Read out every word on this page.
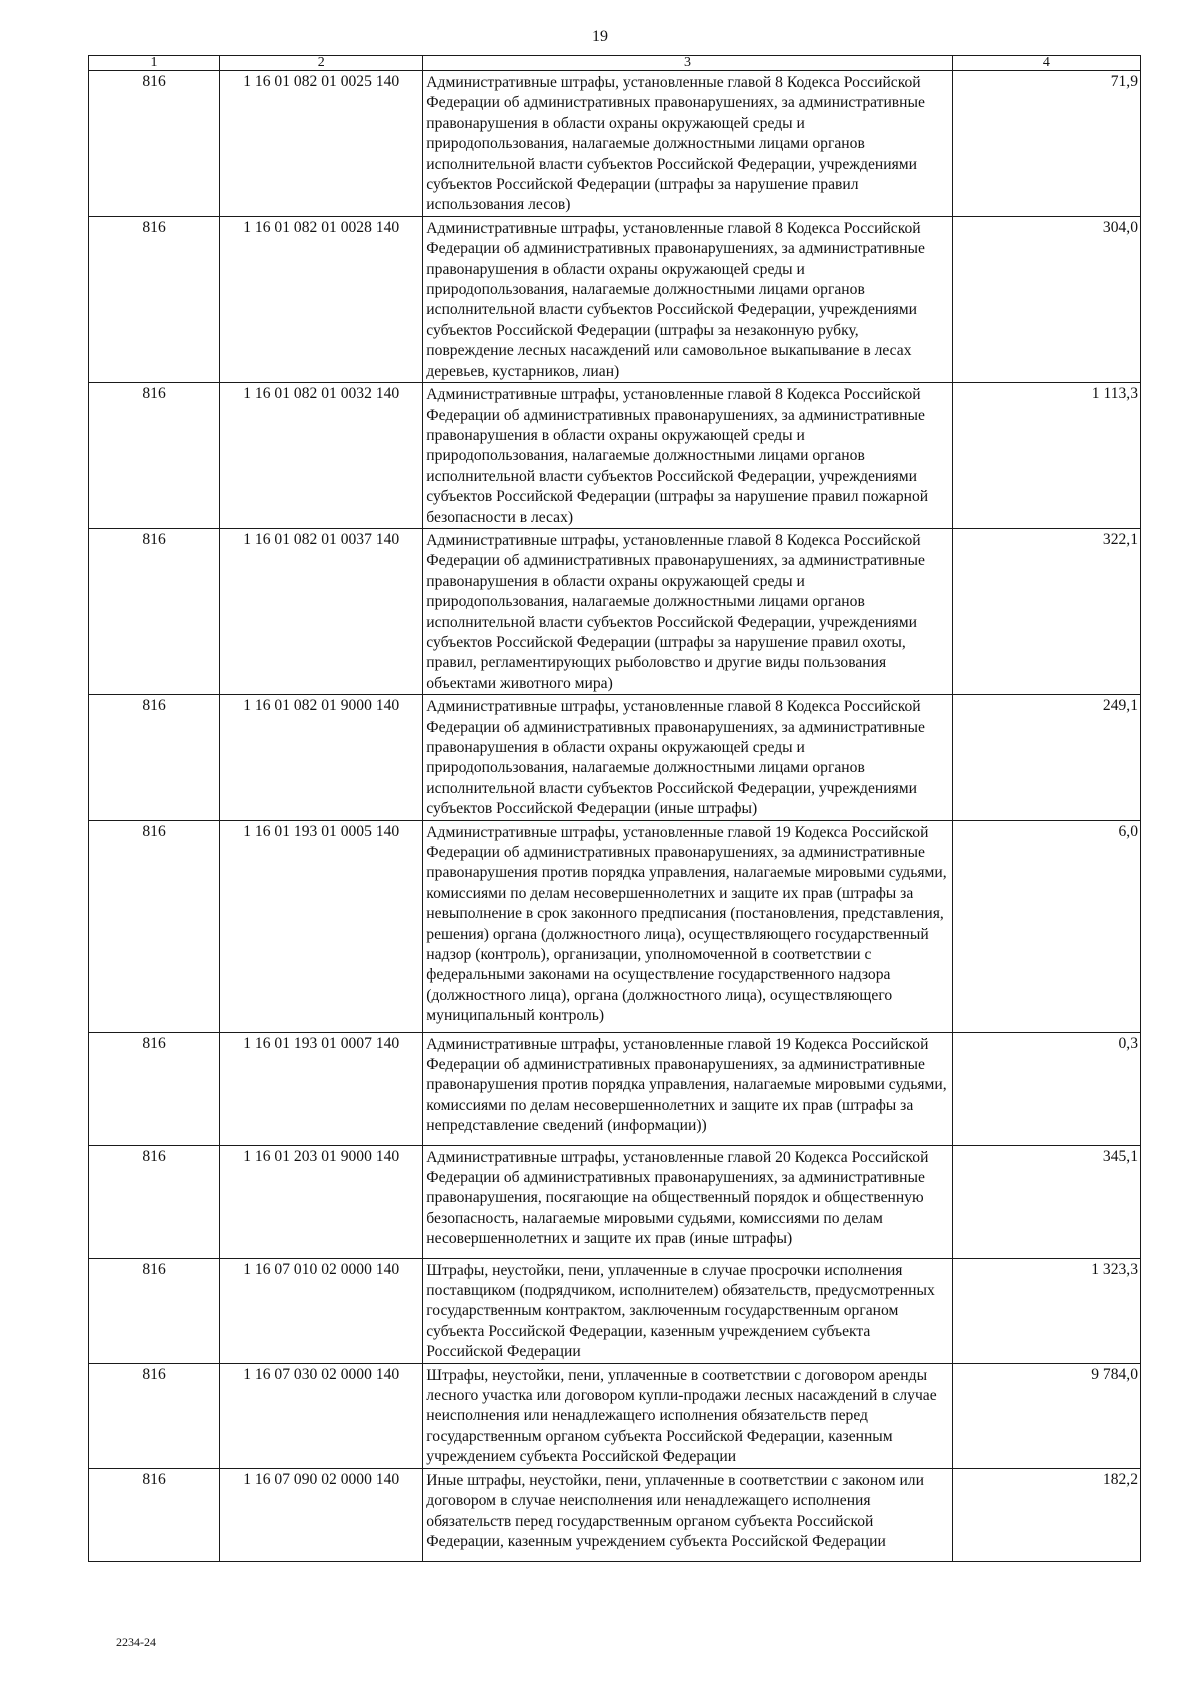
19
1	2	3	4
816	1 16 01 082 01 0025 140	Административные штрафы, установленные главой 8 Кодекса Российской Федерации об административных правонарушениях, за административные правонарушения в области охраны окружающей среды и природопользования, налагаемые должностными лицами органов исполнительной власти субъектов Российской Федерации, учреждениями субъектов Российской Федерации (штрафы за нарушение правил использования лесов)	71,9
816	1 16 01 082 01 0028 140	Административные штрафы, установленные главой 8 Кодекса Российской Федерации об административных правонарушениях, за административные правонарушения в области охраны окружающей среды и природопользования, налагаемые должностными лицами органов исполнительной власти субъектов Российской Федерации, учреждениями субъектов Российской Федерации (штрафы за незаконную рубку, повреждение лесных насаждений или самовольное выкапывание в лесах деревьев, кустарников, лиан)	304,0
816	1 16 01 082 01 0032 140	Административные штрафы, установленные главой 8 Кодекса Российской Федерации об административных правонарушениях, за административные правонарушения в области охраны окружающей среды и природопользования, налагаемые должностными лицами органов исполнительной власти субъектов Российской Федерации, учреждениями субъектов Российской Федерации (штрафы за нарушение правил пожарной безопасности в лесах)	1 113,3
816	1 16 01 082 01 0037 140	Административные штрафы, установленные главой 8 Кодекса Российской Федерации об административных правонарушениях, за административные правонарушения в области охраны окружающей среды и природопользования, налагаемые должностными лицами органов исполнительной власти субъектов Российской Федерации, учреждениями субъектов Российской Федерации (штрафы за нарушение правил охоты, правил, регламентирующих рыболовство и другие виды пользования объектами животного мира)	322,1
816	1 16 01 082 01 9000 140	Административные штрафы, установленные главой 8 Кодекса Российской Федерации об административных правонарушениях, за административные правонарушения в области охраны окружающей среды и природопользования, налагаемые должностными лицами органов исполнительной власти субъектов Российской Федерации, учреждениями субъектов Российской Федерации (иные штрафы)	249,1
816	1 16 01 193 01 0005 140	Административные штрафы, установленные главой 19 Кодекса Российской Федерации об административных правонарушениях, за административные правонарушения против порядка управления, налагаемые мировыми судьями, комиссиями по делам несовершеннолетних и защите их прав (штрафы за невыполнение в срок законного предписания (постановления, представления, решения) органа (должностного лица), осуществляющего государственный надзор (контроль), организации, уполномоченной в соответствии с федеральными законами на осуществление государственного надзора (должностного лица), органа (должностного лица), осуществляющего муниципальный контроль)	6,0
816	1 16 01 193 01 0007 140	Административные штрафы, установленные главой 19 Кодекса Российской Федерации об административных правонарушениях, за административные правонарушения против порядка управления, налагаемые мировыми судьями, комиссиями по делам несовершеннолетних и защите их прав (штрафы за непредставление сведений (информации))	0,3
816	1 16 01 203 01 9000 140	Административные штрафы, установленные главой 20 Кодекса Российской Федерации об административных правонарушениях, за административные правонарушения, посягающие на общественный порядок и общественную безопасность, налагаемые мировыми судьями, комиссиями по делам несовершеннолетних и защите их прав (иные штрафы)	345,1
816	1 16 07 010 02 0000 140	Штрафы, неустойки, пени, уплаченные в случае просрочки исполнения поставщиком (подрядчиком, исполнителем) обязательств, предусмотренных государственным контрактом, заключенным государственным органом субъекта Российской Федерации, казенным учреждением субъекта Российской Федерации	1 323,3
816	1 16 07 030 02 0000 140	Штрафы, неустойки, пени, уплаченные в соответствии с договором аренды лесного участка или договором купли-продажи лесных насаждений в случае неисполнения или ненадлежащего исполнения обязательств перед государственным органом субъекта Российской Федерации, казенным учреждением субъекта Российской Федерации	9 784,0
816	1 16 07 090 02 0000 140	Иные штрафы, неустойки, пени, уплаченные в соответствии с законом или договором в случае неисполнения или ненадлежащего исполнения обязательств перед государственным органом субъекта Российской Федерации, казенным учреждением субъекта Российской Федерации	182,2
2234-24
